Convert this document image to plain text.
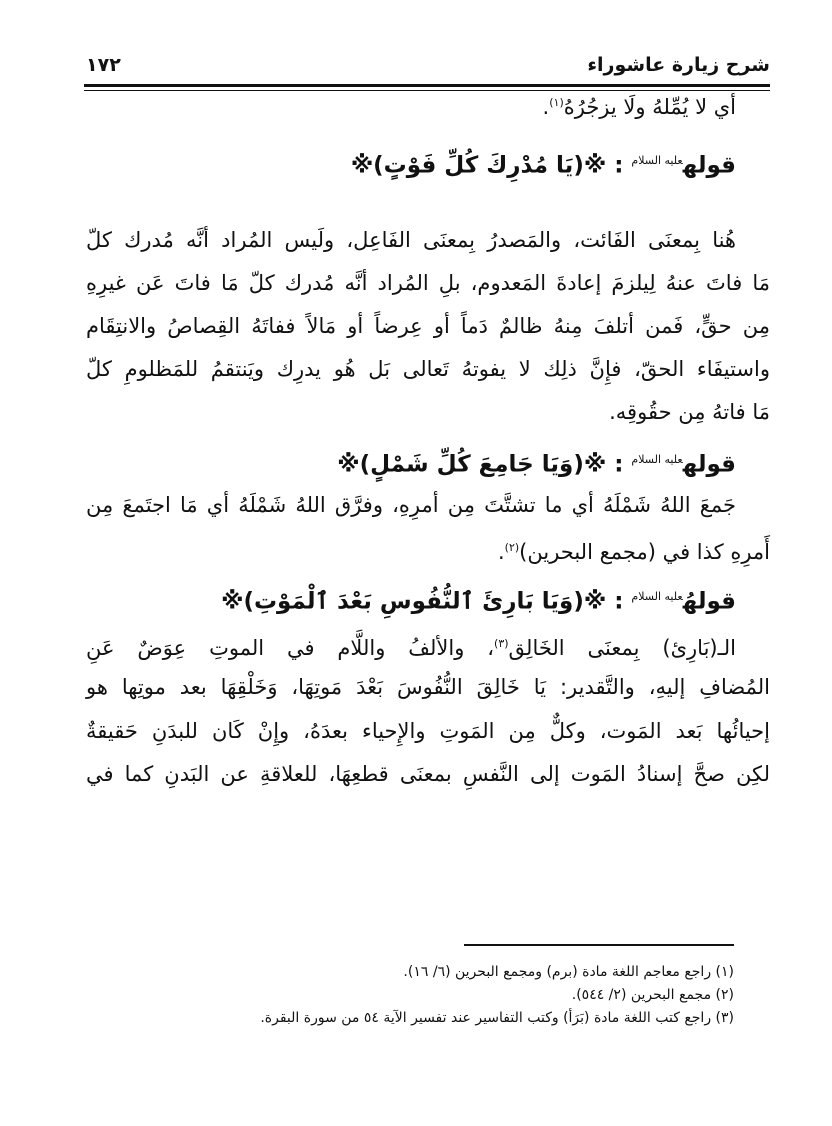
شرح زيارة عاشوراء
١٧٢
أي لا يُمِّلهُ ولَا يزجُرُهُ$^{(١)}$.
قوله$^{عليه السلام}$ : ※(يَا مُدْرِكَ كُلِّ فَوْتٍ)※
هُنا بِمعنَى الفَائت، والمَصدرُ بِمعنَى الفَاعِل، ولَيس المُراد أنَّه مُدرك كلّ
مَا فاتَ عنهُ لِيلزمَ إعادةَ المَعدوم، بلِ المُراد أنَّه مُدرك كلّ مَا فاتَ عَن غيرِهِ
مِن حقٍّ، فَمن أتلفَ مِنهُ ظالمٌ دَماً أو عِرضاً أو مَالاً ففاتَهُ القِصاصُ والانتِقَام
واستيفَاء الحقّ، فإِنَّ ذلِك لا يفوتهُ تَعالى بَل هُو يدرِك ويَنتقمُ للمَظلومِ كلّ
مَا فاتهُ مِن حقُوقِه.
قوله$^{عليه السلام}$ : ※(وَيَا جَامِعَ كُلِّ شَمْلٍ)※
جَمعَ اللهُ شَمْلَهُ أي ما تشتَّتَ مِن أمرِهِ، وفرَّق اللهُ شَمْلَهُ أي مَا اجتَمعَ مِن
أَمرِهِ كذا في (مجمع البحرين)$^{(٢)}$.
قولهُ$^{عليه السلام}$ : ※(وَيَا بَارِئَ ٱلنُّفُوسِ بَعْدَ ٱلْمَوْتِ)※
الـ(بَارِئ) بِمعنَى الخَالِق$^{(٣)}$، والألفُ واللَّام في الموتِ عِوَضٌ عَنِ
المُضافِ إليهِ، والتَّقدير: يَا خَالِقَ النُّفُوسَ بَعْدَ مَوتِهَا، وَخَلْقِهَا بعد موتِها هو
إحيائُها بَعد المَوت، وكلٌّ مِن المَوتِ والإِحياء بعدَهُ، وإِنْ كَان للبدَنِ حَقيقةٌ
لكِن صحَّ إسنادُ المَوت إلى النَّفسِ بمعنَى قطعِهَا، للعلاقةِ عن البَدنِ كما في
(١) راجع معاجم اللغة مادة (برم) ومجمع البحرين (٦/ ١٦).
(٢) مجمع البحرين (٢/ ٥٤٤).
(٣) راجع كتب اللغة مادة (بَرَأ) وكتب التفاسير عند تفسير الآية ٥٤ من سورة البقرة.
